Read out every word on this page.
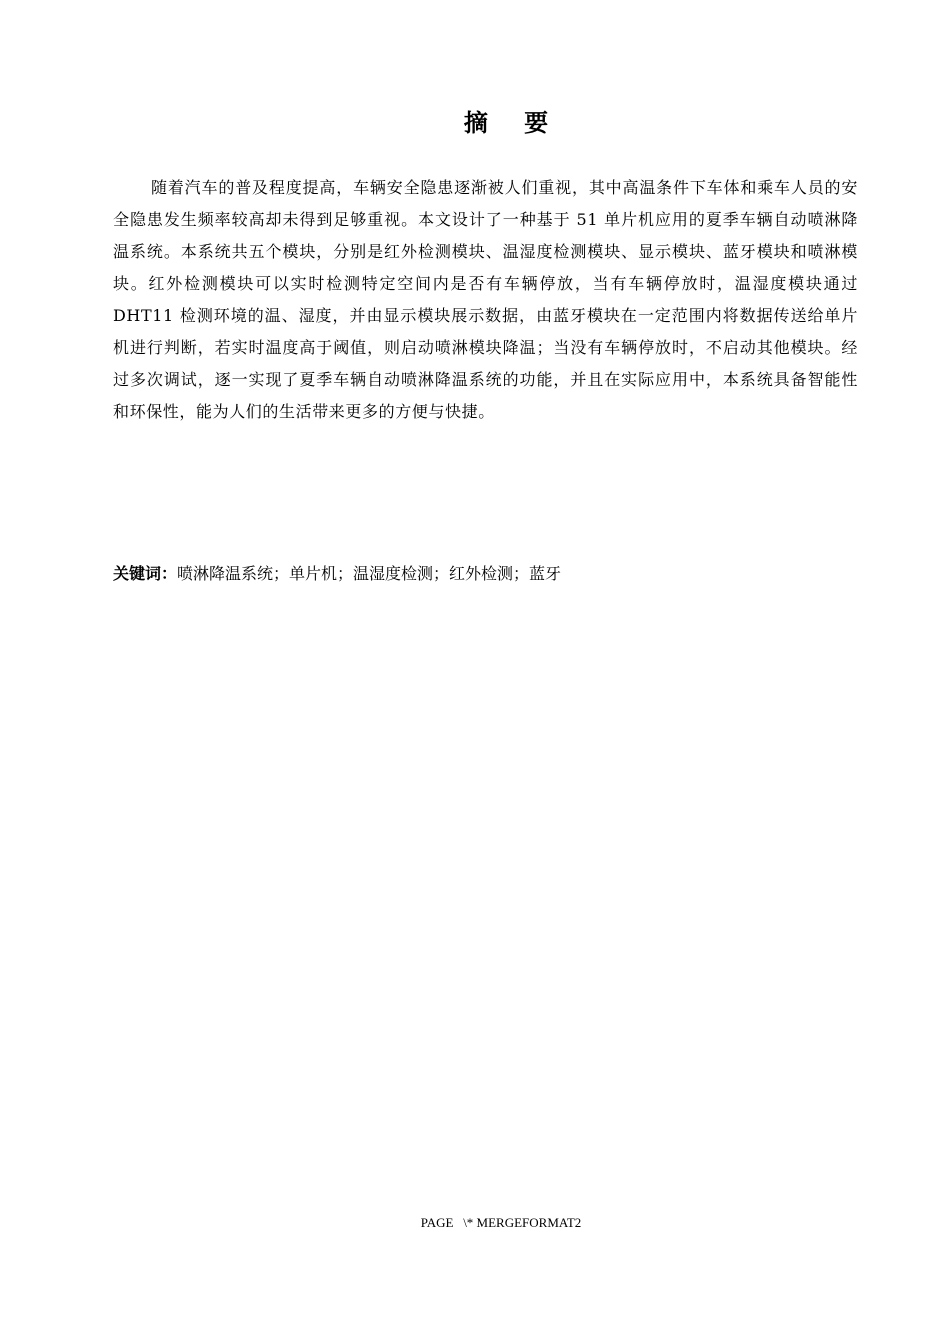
摘 要

随着汽车的普及程度提高，车辆安全隐患逐渐被人们重视，其中高温条件下车体和乘车人员的安全隐患发生频率较高却未得到足够重视。本文设计了一种基于 51 单片机应用的夏季车辆自动喷淋降温系统。本系统共五个模块，分别是红外检测模块、温湿度检测模块、显示模块、蓝牙模块和喷淋模块。红外检测模块可以实时检测特定空间内是否有车辆停放，当有车辆停放时，温湿度模块通过 DHT11 检测环境的温、湿度，并由显示模块展示数据，由蓝牙模块在一定范围内将数据传送给单片机进行判断，若实时温度高于阈值，则启动喷淋模块降温；当没有车辆停放时，不启动其他模块。经过多次调试，逐一实现了夏季车辆自动喷淋降温系统的功能，并且在实际应用中，本系统具备智能性和环保性，能为人们的生活带来更多的方便与快捷。

关键词：喷淋降温系统；单片机；温湿度检测；红外检测；蓝牙
PAGE   \* MERGEFORMAT2
